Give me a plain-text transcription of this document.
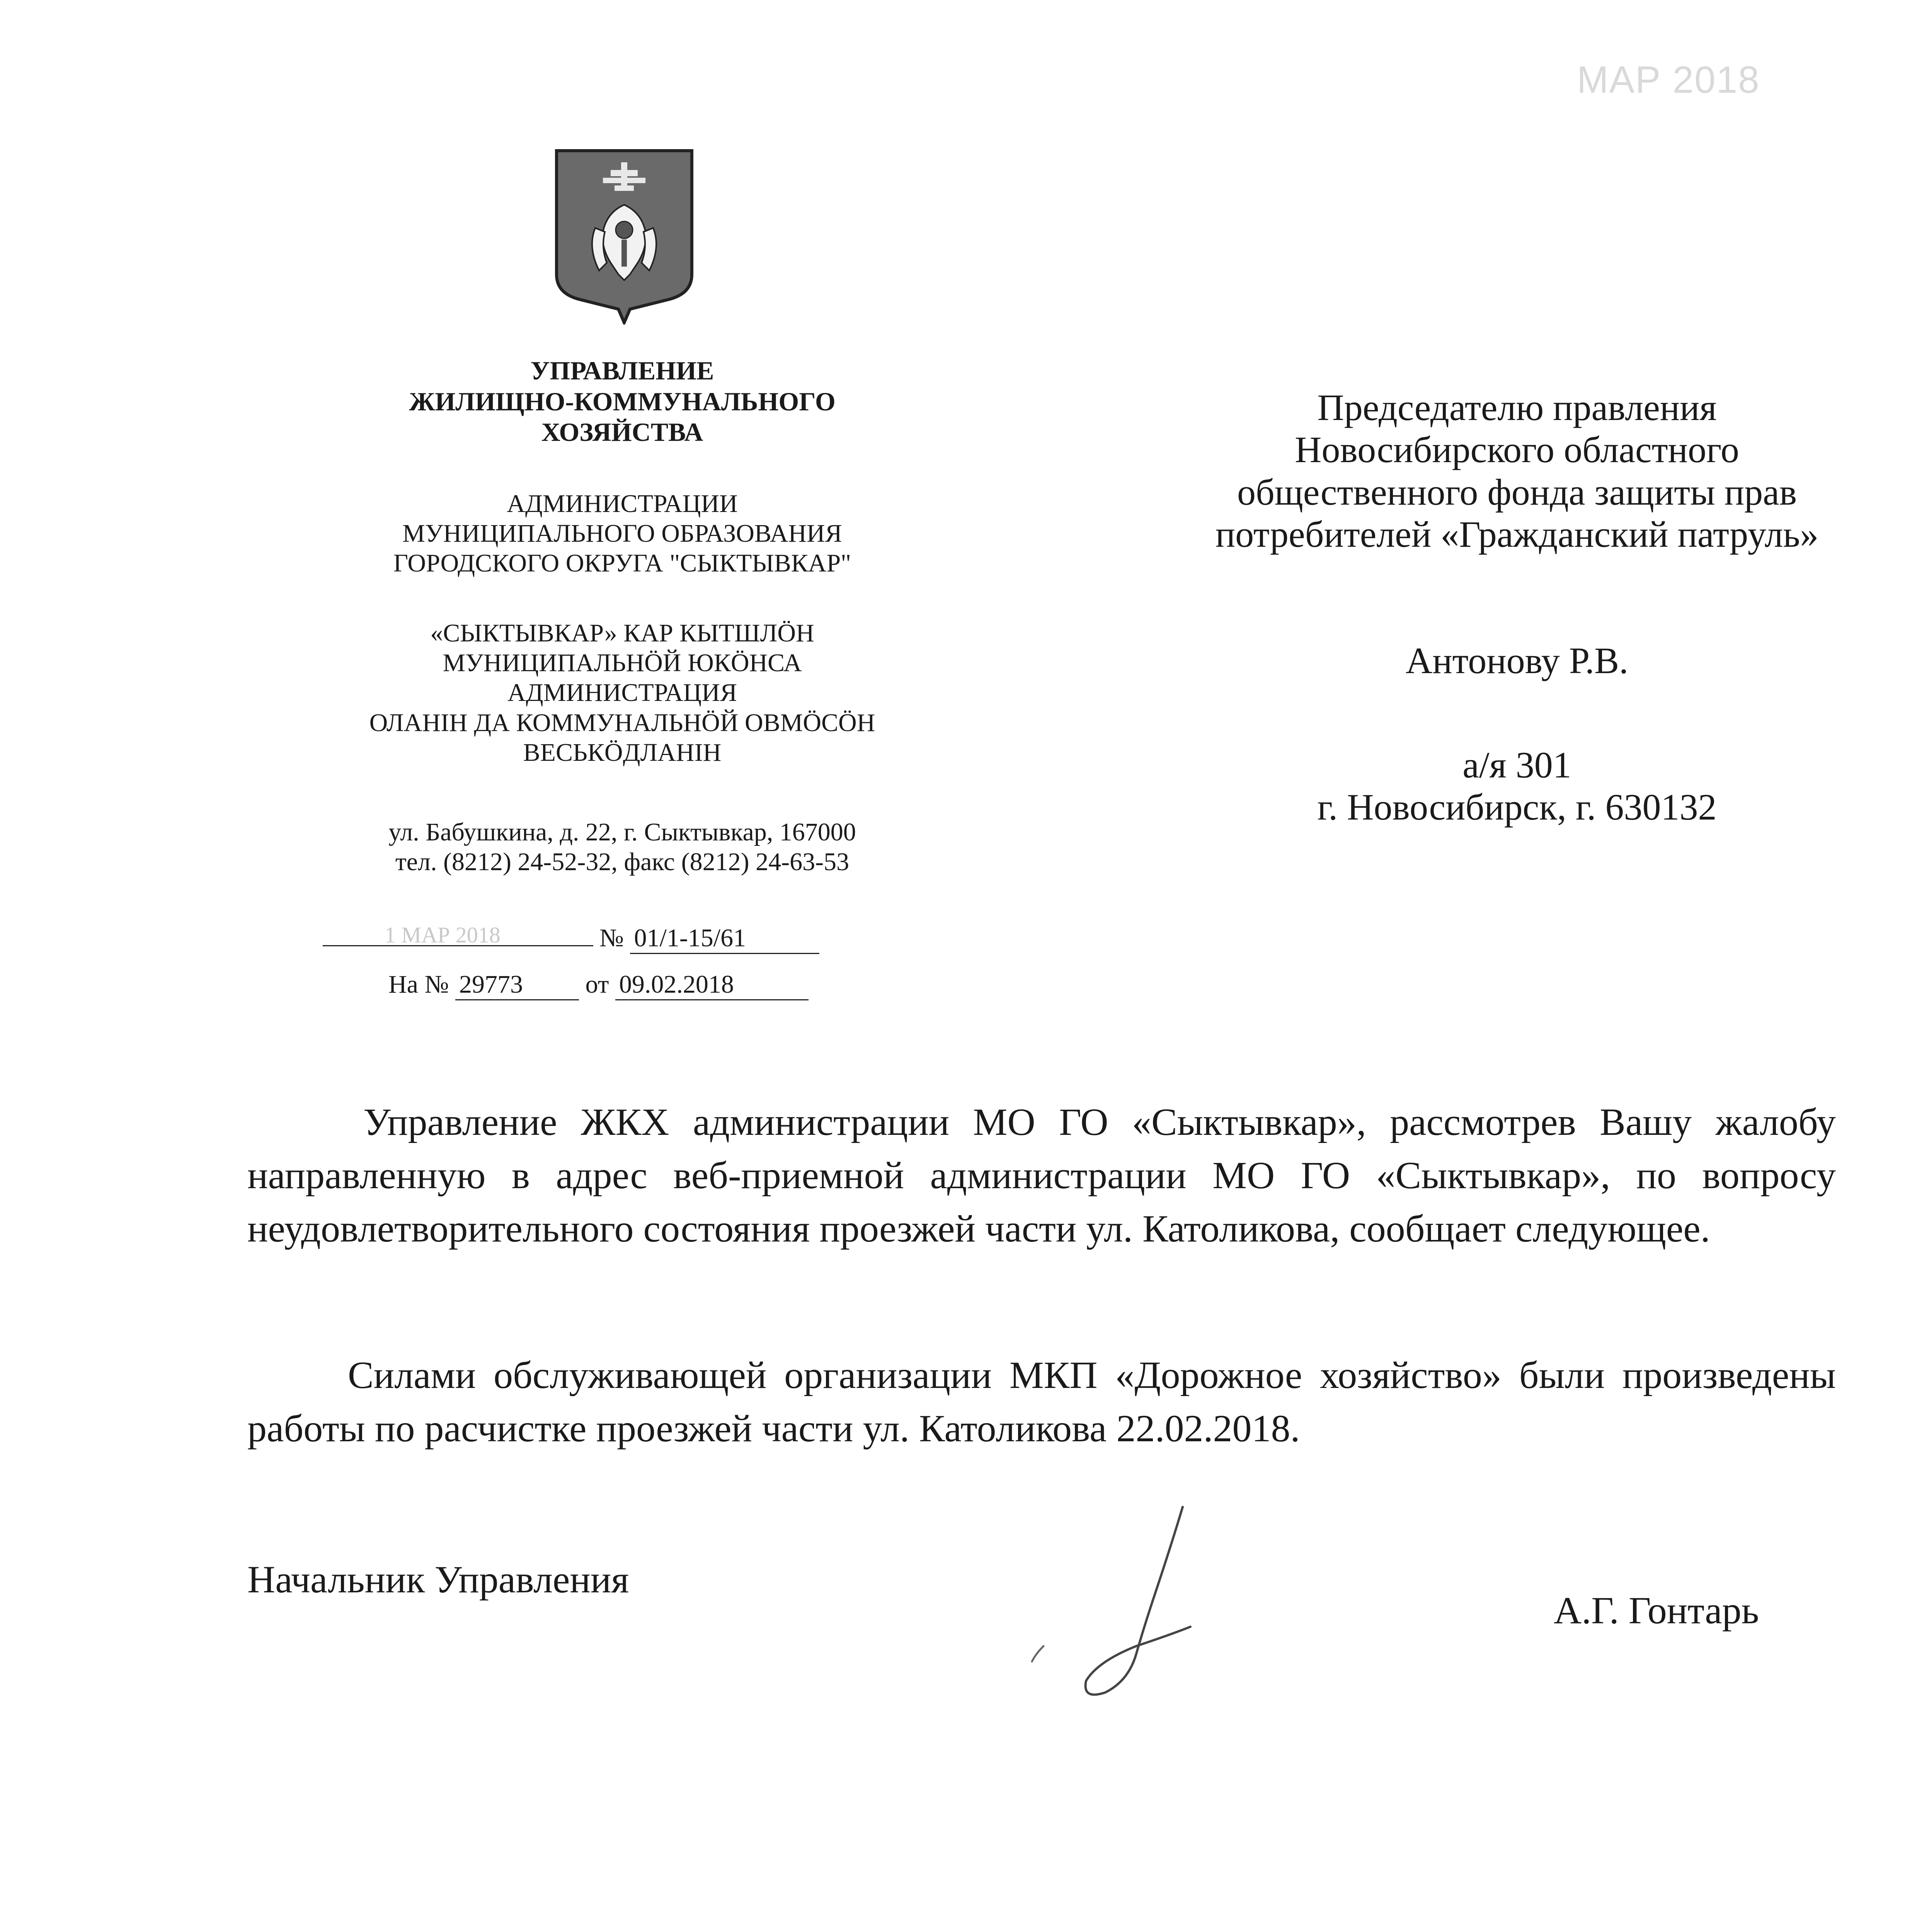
МАР 2018
УПРАВЛЕНИЕ
ЖИЛИЩНО-КОММУНАЛЬНОГО
ХОЗЯЙСТВА
АДМИНИСТРАЦИИ
МУНИЦИПАЛЬНОГО ОБРАЗОВАНИЯ
ГОРОДСКОГО ОКРУГА "СЫКТЫВКАР"
«СЫКТЫВКАР» КАР КЫТШЛӦН
МУНИЦИПАЛЬНӦЙ ЮКӦНСА
АДМИНИСТРАЦИЯ
ОЛАНIН ДА КОММУНАЛЬНӦЙ ОВМӦСӦН
ВЕСЬКӦДЛАНIН
ул. Бабушкина, д. 22, г. Сыктывкар, 167000
тел. (8212) 24-52-32, факс (8212) 24-63-53
1 МАР 2018	№ 01/1-15/61
На № 29773 от 09.02.2018
Председателю правления
Новосибирского областного
общественного фонда защиты прав
потребителей «Гражданский патруль»
Антонову Р.В.
а/я 301
г. Новосибирск, г. 630132
Управление ЖКХ администрации МО ГО «Сыктывкар», рассмотрев Вашу жалобу направленную в адрес веб-приемной администрации МО ГО «Сыктывкар», по вопросу неудовлетворительного состояния проезжей части ул. Католикова, сообщает следующее.
Силами обслуживающей организации МКП «Дорожное хозяйство» были произведены работы по расчистке проезжей части ул. Католикова 22.02.2018.
Начальник Управления
А.Г. Гонтарь
